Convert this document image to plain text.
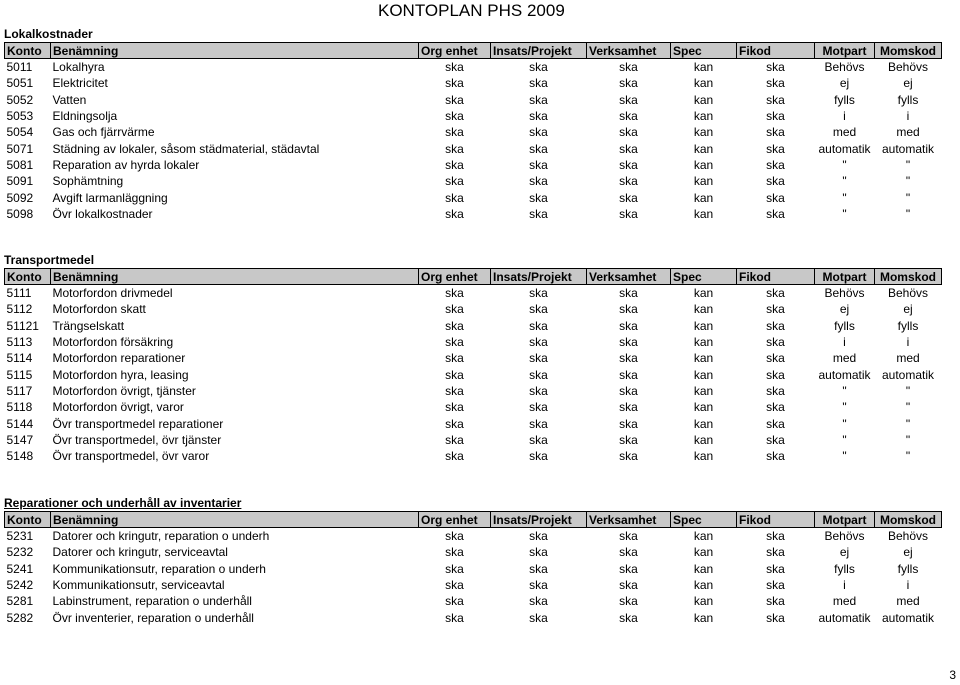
KONTOPLAN PHS 2009
Lokalkostnader
Konto	Benämning	Org enhet	Insats/Projekt	Verksamhet	Spec	Fikod	Motpart	Momskod
5011	Lokalhyra	ska	ska	ska	kan	ska	Behövs	Behövs
5051	Elektricitet	ska	ska	ska	kan	ska	ej	ej
5052	Vatten	ska	ska	ska	kan	ska	fylls	fylls
5053	Eldningsolja	ska	ska	ska	kan	ska	i	i
5054	Gas och fjärrvärme	ska	ska	ska	kan	ska	med	med
5071	Städning av lokaler, såsom städmaterial, städavtal	ska	ska	ska	kan	ska	automatik	automatik
5081	Reparation av hyrda lokaler	ska	ska	ska	kan	ska	"	"
5091	Sophämtning	ska	ska	ska	kan	ska	"	"
5092	Avgift larmanläggning	ska	ska	ska	kan	ska	"	"
5098	Övr lokalkostnader	ska	ska	ska	kan	ska	"	"
Transportmedel
Konto	Benämning	Org enhet	Insats/Projekt	Verksamhet	Spec	Fikod	Motpart	Momskod
5111	Motorfordon drivmedel	ska	ska	ska	kan	ska	Behövs	Behövs
5112	Motorfordon skatt	ska	ska	ska	kan	ska	ej	ej
51121	Trängselskatt	ska	ska	ska	kan	ska	fylls	fylls
5113	Motorfordon försäkring	ska	ska	ska	kan	ska	i	i
5114	Motorfordon reparationer	ska	ska	ska	kan	ska	med	med
5115	Motorfordon hyra, leasing	ska	ska	ska	kan	ska	automatik	automatik
5117	Motorfordon övrigt, tjänster	ska	ska	ska	kan	ska	"	"
5118	Motorfordon övrigt, varor	ska	ska	ska	kan	ska	"	"
5144	Övr transportmedel reparationer	ska	ska	ska	kan	ska	"	"
5147	Övr transportmedel, övr tjänster	ska	ska	ska	kan	ska	"	"
5148	Övr transportmedel, övr varor	ska	ska	ska	kan	ska	"	"
Reparationer och underhåll av inventarier
Konto	Benämning	Org enhet	Insats/Projekt	Verksamhet	Spec	Fikod	Motpart	Momskod
5231	Datorer och kringutr, reparation o underh	ska	ska	ska	kan	ska	Behövs	Behövs
5232	Datorer och kringutr, serviceavtal	ska	ska	ska	kan	ska	ej	ej
5241	Kommunikationsutr, reparation o underh	ska	ska	ska	kan	ska	fylls	fylls
5242	Kommunikationsutr, serviceavtal	ska	ska	ska	kan	ska	i	i
5281	Labinstrument, reparation o underhåll	ska	ska	ska	kan	ska	med	med
5282	Övr inventerier, reparation o underhåll	ska	ska	ska	kan	ska	automatik	automatik
3
